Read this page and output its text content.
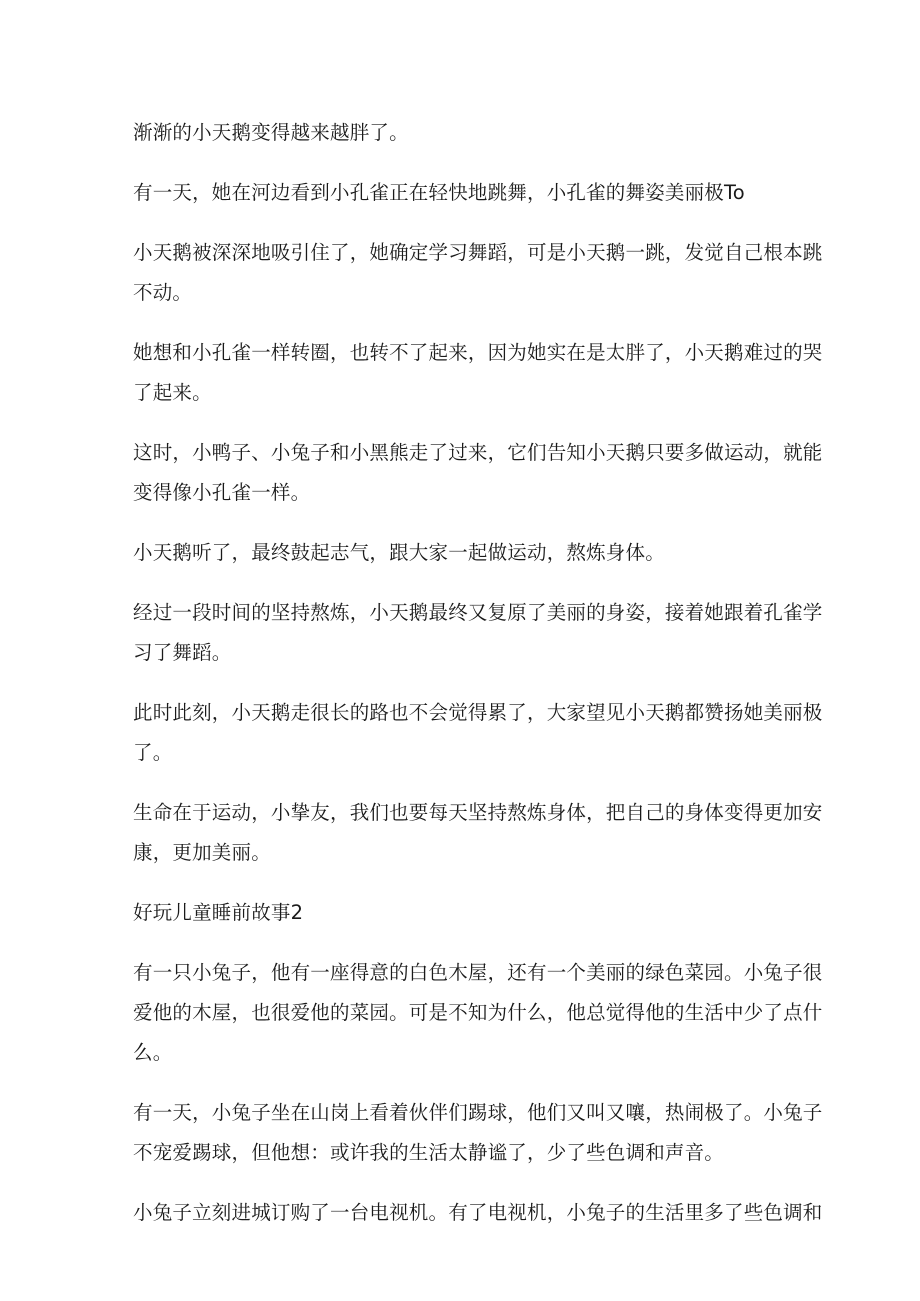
渐渐的小天鹅变得越来越胖了。

有一天，她在河边看到小孔雀正在轻快地跳舞，小孔雀的舞姿美丽极To

小天鹅被深深地吸引住了，她确定学习舞蹈，可是小天鹅一跳，发觉自己根本跳
不动。

她想和小孔雀一样转圈，也转不了起来，因为她实在是太胖了，小天鹅难过的哭
了起来。

这时，小鸭子、小兔子和小黑熊走了过来，它们告知小天鹅只要多做运动，就能
变得像小孔雀一样。

小天鹅听了，最终鼓起志气，跟大家一起做运动，熬炼身体。

经过一段时间的坚持熬炼，小天鹅最终又复原了美丽的身姿，接着她跟着孔雀学
习了舞蹈。

此时此刻，小天鹅走很长的路也不会觉得累了，大家望见小天鹅都赞扬她美丽极
了。

生命在于运动，小挚友，我们也要每天坚持熬炼身体，把自己的身体变得更加安
康，更加美丽。

好玩儿童睡前故事2

有一只小兔子，他有一座得意的白色木屋，还有一个美丽的绿色菜园。小兔子很
爱他的木屋，也很爱他的菜园。可是不知为什么，他总觉得他的生活中少了点什
么。

有一天，小兔子坐在山岗上看着伙伴们踢球，他们又叫又嚷，热闹极了。小兔子
不宠爱踢球，但他想：或许我的生活太静谧了，少了些色调和声音。

小兔子立刻进城订购了一台电视机。有了电视机，小兔子的生活里多了些色调和
